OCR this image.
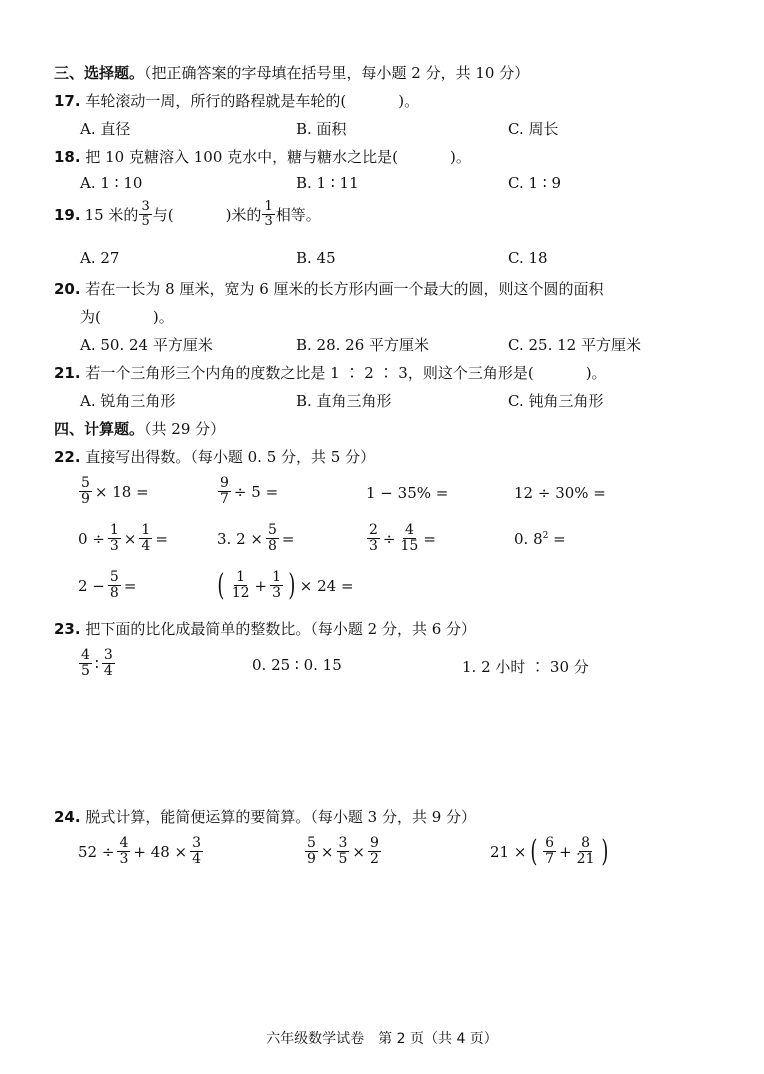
三、选择题。（把正确答案的字母填在括号里，每小题 2 分，共 10 分）
17. 车轮滚动一周，所行的路程就是车轮的(	)。
A. 直径	B. 面积	C. 周长
18. 把 10 克糖溶入 100 克水中，糖与糖水之比是(	)。
A. 1 ∶ 10	B. 1 ∶ 11	C. 1 ∶ 9
19. 15 米的 $\frac{3}{5}$ 与(	)米的 $\frac{1}{3}$ 相等。
A. 27	B. 45	C. 18
20. 若在一长为 8 厘米，宽为 6 厘米的长方形内画一个最大的圆，则这个圆的面积
为(	)。
A. 50. 24 平方厘米	B. 28. 26 平方厘米	C. 25. 12 平方厘米
21. 若一个三角形三个内角的度数之比是 1 ∶ 2 ∶ 3，则这个三角形是(	)。
A. 锐角三角形	B. 直角三角形	C. 钝角三角形
四、计算题。（共 29 分）
22. 直接写出得数。（每小题 0. 5 分，共 5 分）
$\frac{5}{9} \times 18$ =	$\frac{9}{7} \div 5$ =	1 − 35% =	12 ÷ 30% =
$0 \div \frac{1}{3} \times \frac{1}{4}$ =	3. $2 \times \frac{5}{8}$ =	$\frac{2}{3} \div \frac{4}{15}$ =	0. $8^2$ =
$2 - \frac{5}{8}$ =	( $\frac{1}{12} + \frac{1}{3}$ ) × 24 =
23. 把下面的比化成最简单的整数比。（每小题 2 分，共 6 分）
$\frac{4}{5}$ ∶ $\frac{3}{4}$	0. 25 ∶ 0. 15	1. 2 小时 ∶ 30 分
24. 脱式计算，能简便运算的要简算。（每小题 3 分，共 9 分）
$52 \div \frac{4}{3} + 48 \times \frac{3}{4}$	$\frac{5}{9} \times \frac{3}{5} \times \frac{9}{2}$	21 × ( $\frac{6}{7} + \frac{8}{21}$ )
六年级数学试卷　第 2 页（共 4 页）
